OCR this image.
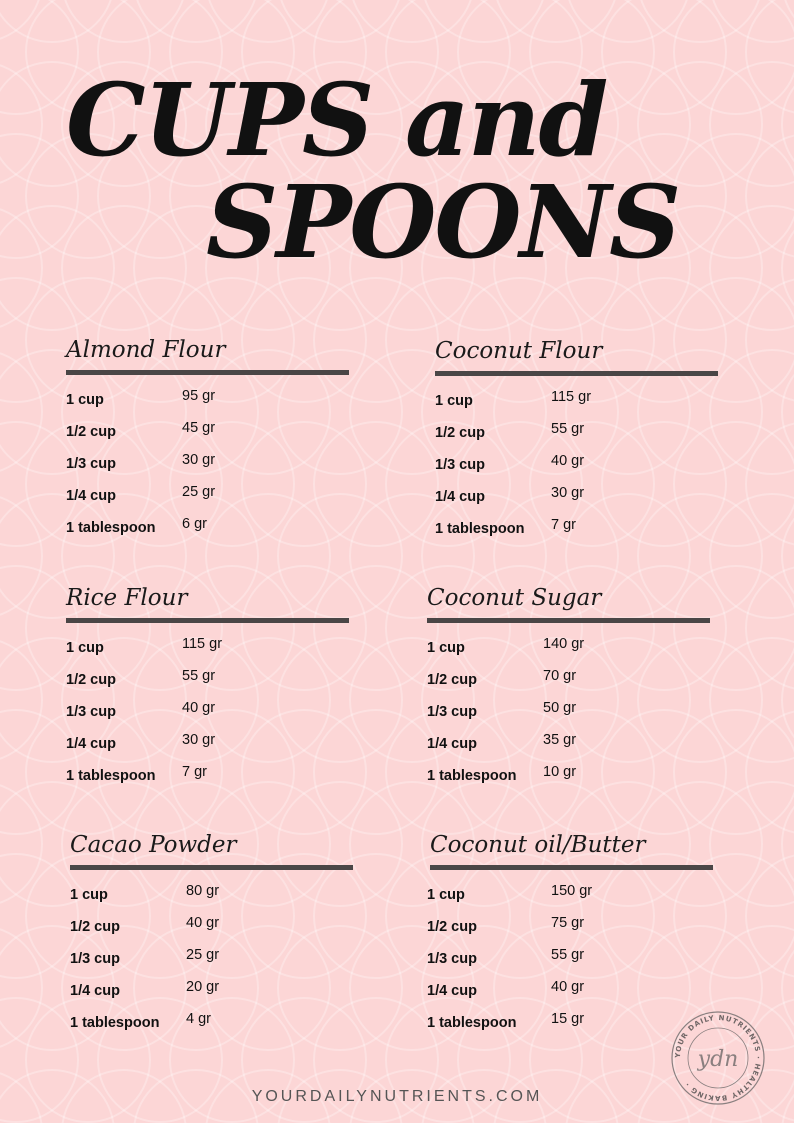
CUPS and
SPOONS
Almond Flour
1 cup	95 gr
1/2 cup	45 gr
1/3 cup	30 gr
1/4 cup	25 gr
1 tablespoon 6 gr
Coconut Flour
1 cup	115 gr
1/2 cup	55 gr
1/3 cup	40 gr
1/4 cup	30 gr
1 tablespoon 7 gr
Rice Flour
1 cup	115 gr
1/2 cup	55 gr
1/3 cup	40 gr
1/4 cup	30 gr
1 tablespoon 7 gr
Coconut Sugar
1 cup	140 gr
1/2 cup	70 gr
1/3 cup	50 gr
1/4 cup	35 gr
1 tablespoon 10 gr
Cacao Powder
1 cup	80 gr
1/2 cup	40 gr
1/3 cup	25 gr
1/4 cup	20 gr
1 tablespoon 4 gr
Coconut oil/Butter
1 cup	150 gr
1/2 cup	75 gr
1/3 cup	55 gr
1/4 cup	40 gr
1 tablespoon 15 gr
YOURDAILYNUTRIENTS.COM
YOUR DAILY NUTRIENTS · HEALTHY BAKING ·
ydn
